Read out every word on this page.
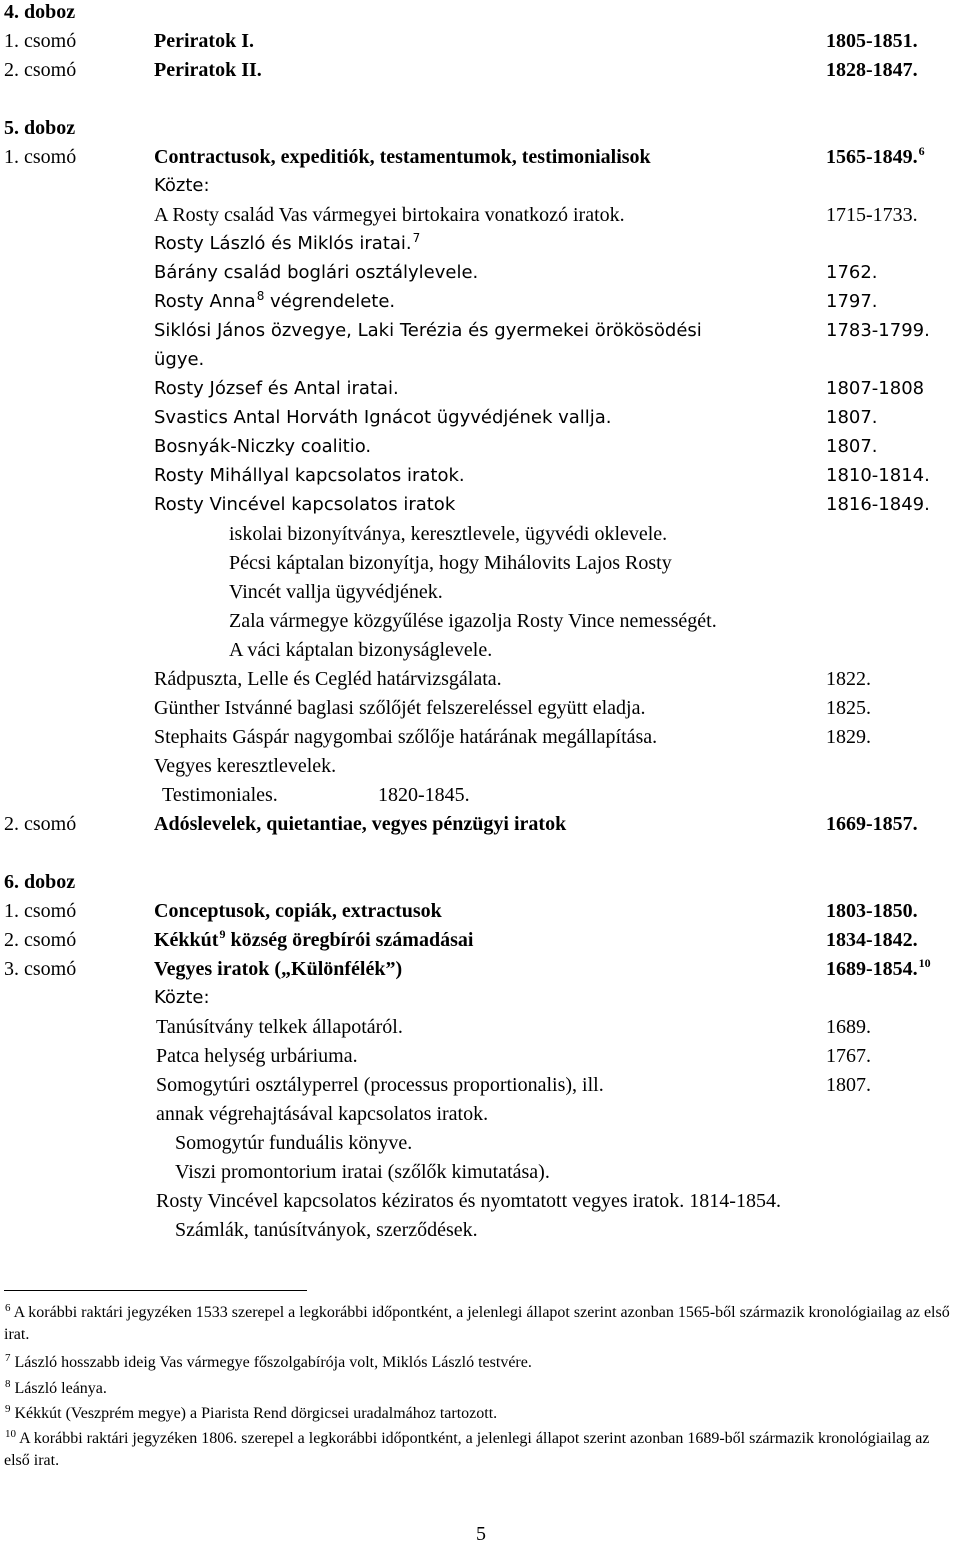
4. doboz
1. csomó	Periratok I.	1805-1851.
2. csomó	Periratok II.	1828-1847.
5. doboz
1. csomó	Contractusok, expeditiók, testamentumok, testimonialisok	1565-1849.$^6$
Közte:
A Rosty család Vas vármegyei birtokaira vonatkozó iratok.	1715-1733.
Rosty László és Miklós iratai.$^7$
Bárány család boglári osztálylevele.	1762.
Rosty Anna$^8$ végrendelete.	1797.
Siklósi János özvegye, Laki Terézia és gyermekei örökösödési	1783-1799.
ügye.
Rosty József és Antal iratai.	1807-1808
Svastics Antal Horváth Ignácot ügyvédjének vallja.	1807.
Bosnyák-Niczky coalitio.	1807.
Rosty Mihállyal kapcsolatos iratok.	1810-1814.
Rosty Vincével kapcsolatos iratok	1816-1849.
iskolai bizonyítványa, keresztlevele, ügyvédi oklevele.
Pécsi káptalan bizonyítja, hogy Mihálovits Lajos Rosty
Vincét vallja ügyvédjének.
Zala vármegye közgyűlése igazolja Rosty Vince nemességét.
A váci káptalan bizonyságlevele.
Rádpuszta, Lelle és Cegléd határvizsgálata.	1822.
Günther Istvánné baglasi szőlőjét felszereléssel együtt eladja.	1825.
Stephaits Gáspár nagygombai szőlője határának megállapítása.	1829.
Vegyes keresztlevelek.
Testimoniales.	1820-1845.
2. csomó	Adóslevelek, quietantiae, vegyes pénzügyi iratok	1669-1857.
6. doboz
1. csomó	Conceptusok, copiák, extractusok	1803-1850.
2. csomó	Kékkút$^9$ község öregbírói számadásai	1834-1842.
3. csomó	Vegyes iratok („Különfélék”)	1689-1854.10
Közte:
Tanúsítvány telkek állapotáról.	1689.
Patca helység urbáriuma.	1767.
Somogytúri osztályperrel (processus proportionalis), ill.	1807.
annak végrehajtásával kapcsolatos iratok.
Somogytúr funduális könyve.
Viszi promontorium iratai (szőlők kimutatása).
Rosty Vincével kapcsolatos kéziratos és nyomtatott vegyes iratok. 1814-1854.
Számlák, tanúsítványok, szerződések.
$^6$ A korábbi raktári jegyzéken 1533 szerepel a legkorábbi időpontként, a jelenlegi állapot szerint azonban 1565-ből származik kronológiailag az első irat.
$^7$ László hosszabb ideig Vas vármegye főszolgabírója volt, Miklós László testvére.
$^8$ László leánya.
$^9$ Kékkút (Veszprém megye) a Piarista Rend dörgicsei uradalmához tartozott.
$^{10}$ A korábbi raktári jegyzéken 1806. szerepel a legkorábbi időpontként, a jelenlegi állapot szerint azonban 1689-ből származik kronológiailag az első irat.
5
